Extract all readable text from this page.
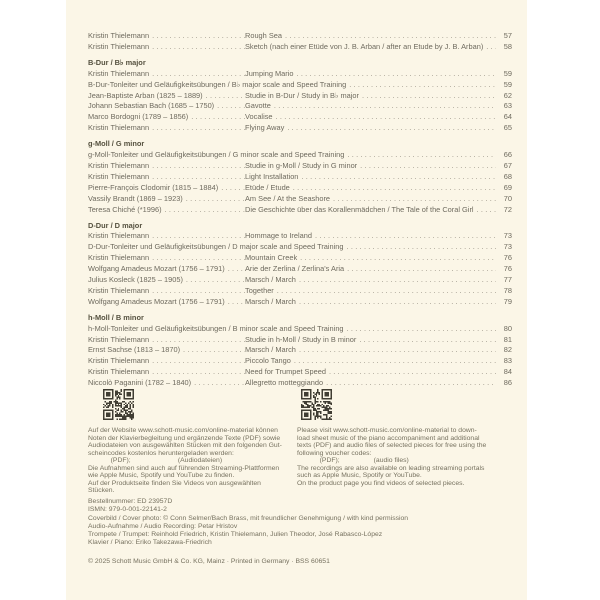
Kristin Thielemann .....	Rough Sea .....	57
Kristin Thielemann .....	Sketch (nach einer Etüde von J. B. Arban / after an Etude by J. B. Arban) .....	58
B-Dur / B♭ major
Kristin Thielemann .....	Jumping Mario .....	59
B-Dur-Tonleiter und Geläufigkeitsübungen / B♭ major scale and Speed Training .....	59
Jean-Baptiste Arban (1825 – 1889) .....	Studie in B-Dur / Study in B♭ major .....	62
Johann Sebastian Bach (1685 – 1750) .....	Gavotte .....	63
Marco Bordogni (1789 – 1856) .....	Vocalise .....	64
Kristin Thielemann .....	Flying Away .....	65
g-Moll / G minor
g-Moll-Tonleiter und Geläufigkeitsübungen / G minor scale and Speed Training .....	66
Kristin Thielemann .....	Studie in g-Moll / Study in G minor .....	67
Kristin Thielemann .....	Light Installation .....	68
Pierre-François Clodomir (1815 – 1884) .....	Etüde / Etude .....	69
Vassily Brandt (1869 – 1923) .....	Am See / At the Seashore .....	70
Teresa Chiché (*1996) .....	Die Geschichte über das Korallenmädchen / The Tale of the Coral Girl .....	72
D-Dur / D major
Kristin Thielemann .....	Hommage to Ireland .....	73
D-Dur-Tonleiter und Geläufigkeitsübungen / D major scale and Speed Training .....	73
Kristin Thielemann .....	Mountain Creek .....	76
Wolfgang Amadeus Mozart (1756 – 1791) .....	Arie der Zerlina / Zerlina's Aria .....	76
Julius Kosleck (1825 – 1905) .....	Marsch / March .....	77
Kristin Thielemann .....	Together .....	78
Wolfgang Amadeus Mozart (1756 – 1791) .....	Marsch / March .....	79
h-Moll / B minor
h-Moll-Tonleiter und Geläufigkeitsübungen / B minor scale and Speed Training .....	80
Kristin Thielemann .....	Studie in h-Moll / Study in B minor .....	81
Ernst Sachse (1813 – 1870) .....	Marsch / March .....	82
Kristin Thielemann .....	Piccolo Tango .....	83
Kristin Thielemann .....	Need for Trumpet Speed .....	84
Niccolò Paganini (1782 – 1840) .....	Allegretto motteggiando .....	86
Auf der Website www.schott-music.com/online-material können
Noten der Klavierbegleitung und ergänzende Texte (PDF) sowie
Audiodateien von ausgewählten Stücken mit den folgenden Gut-
scheincodes kostenlos heruntergeladen werden:
(PDF);                         (Audiodateien)
Die Aufnahmen sind auch auf führenden Streaming-Plattformen
wie Apple Music, Spotify und YouTube zu finden.
Auf der Produktseite finden Sie Videos von ausgewählten
Stücken.
Please visit www.schott-music.com/online-material to down-
load sheet music of the piano accompaniment and additional
texts (PDF) and audio files of selected pieces for free using the
following voucher codes:
(PDF);                  (audio files)
The recordings are also available on leading streaming portals
such as Apple Music, Spotify or YouTube.
On the product page you find videos of selected pieces.
Bestellnummer: ED 23957D
ISMN: 979-0-001-22141-2
Coverbild / Cover photo: © Conn Selmer/Bach Brass, mit freundlicher Genehmigung / with kind permission
Audio-Aufnahme / Audio Recording: Petar Hristov
Trompete / Trumpet: Reinhold Friedrich, Kristin Thielemann, Julien Theodor, José Rabasco-López
Klavier / Piano: Eriko Takezawa-Friedrich
© 2025 Schott Music GmbH & Co. KG, Mainz · Printed in Germany · BSS 60651
